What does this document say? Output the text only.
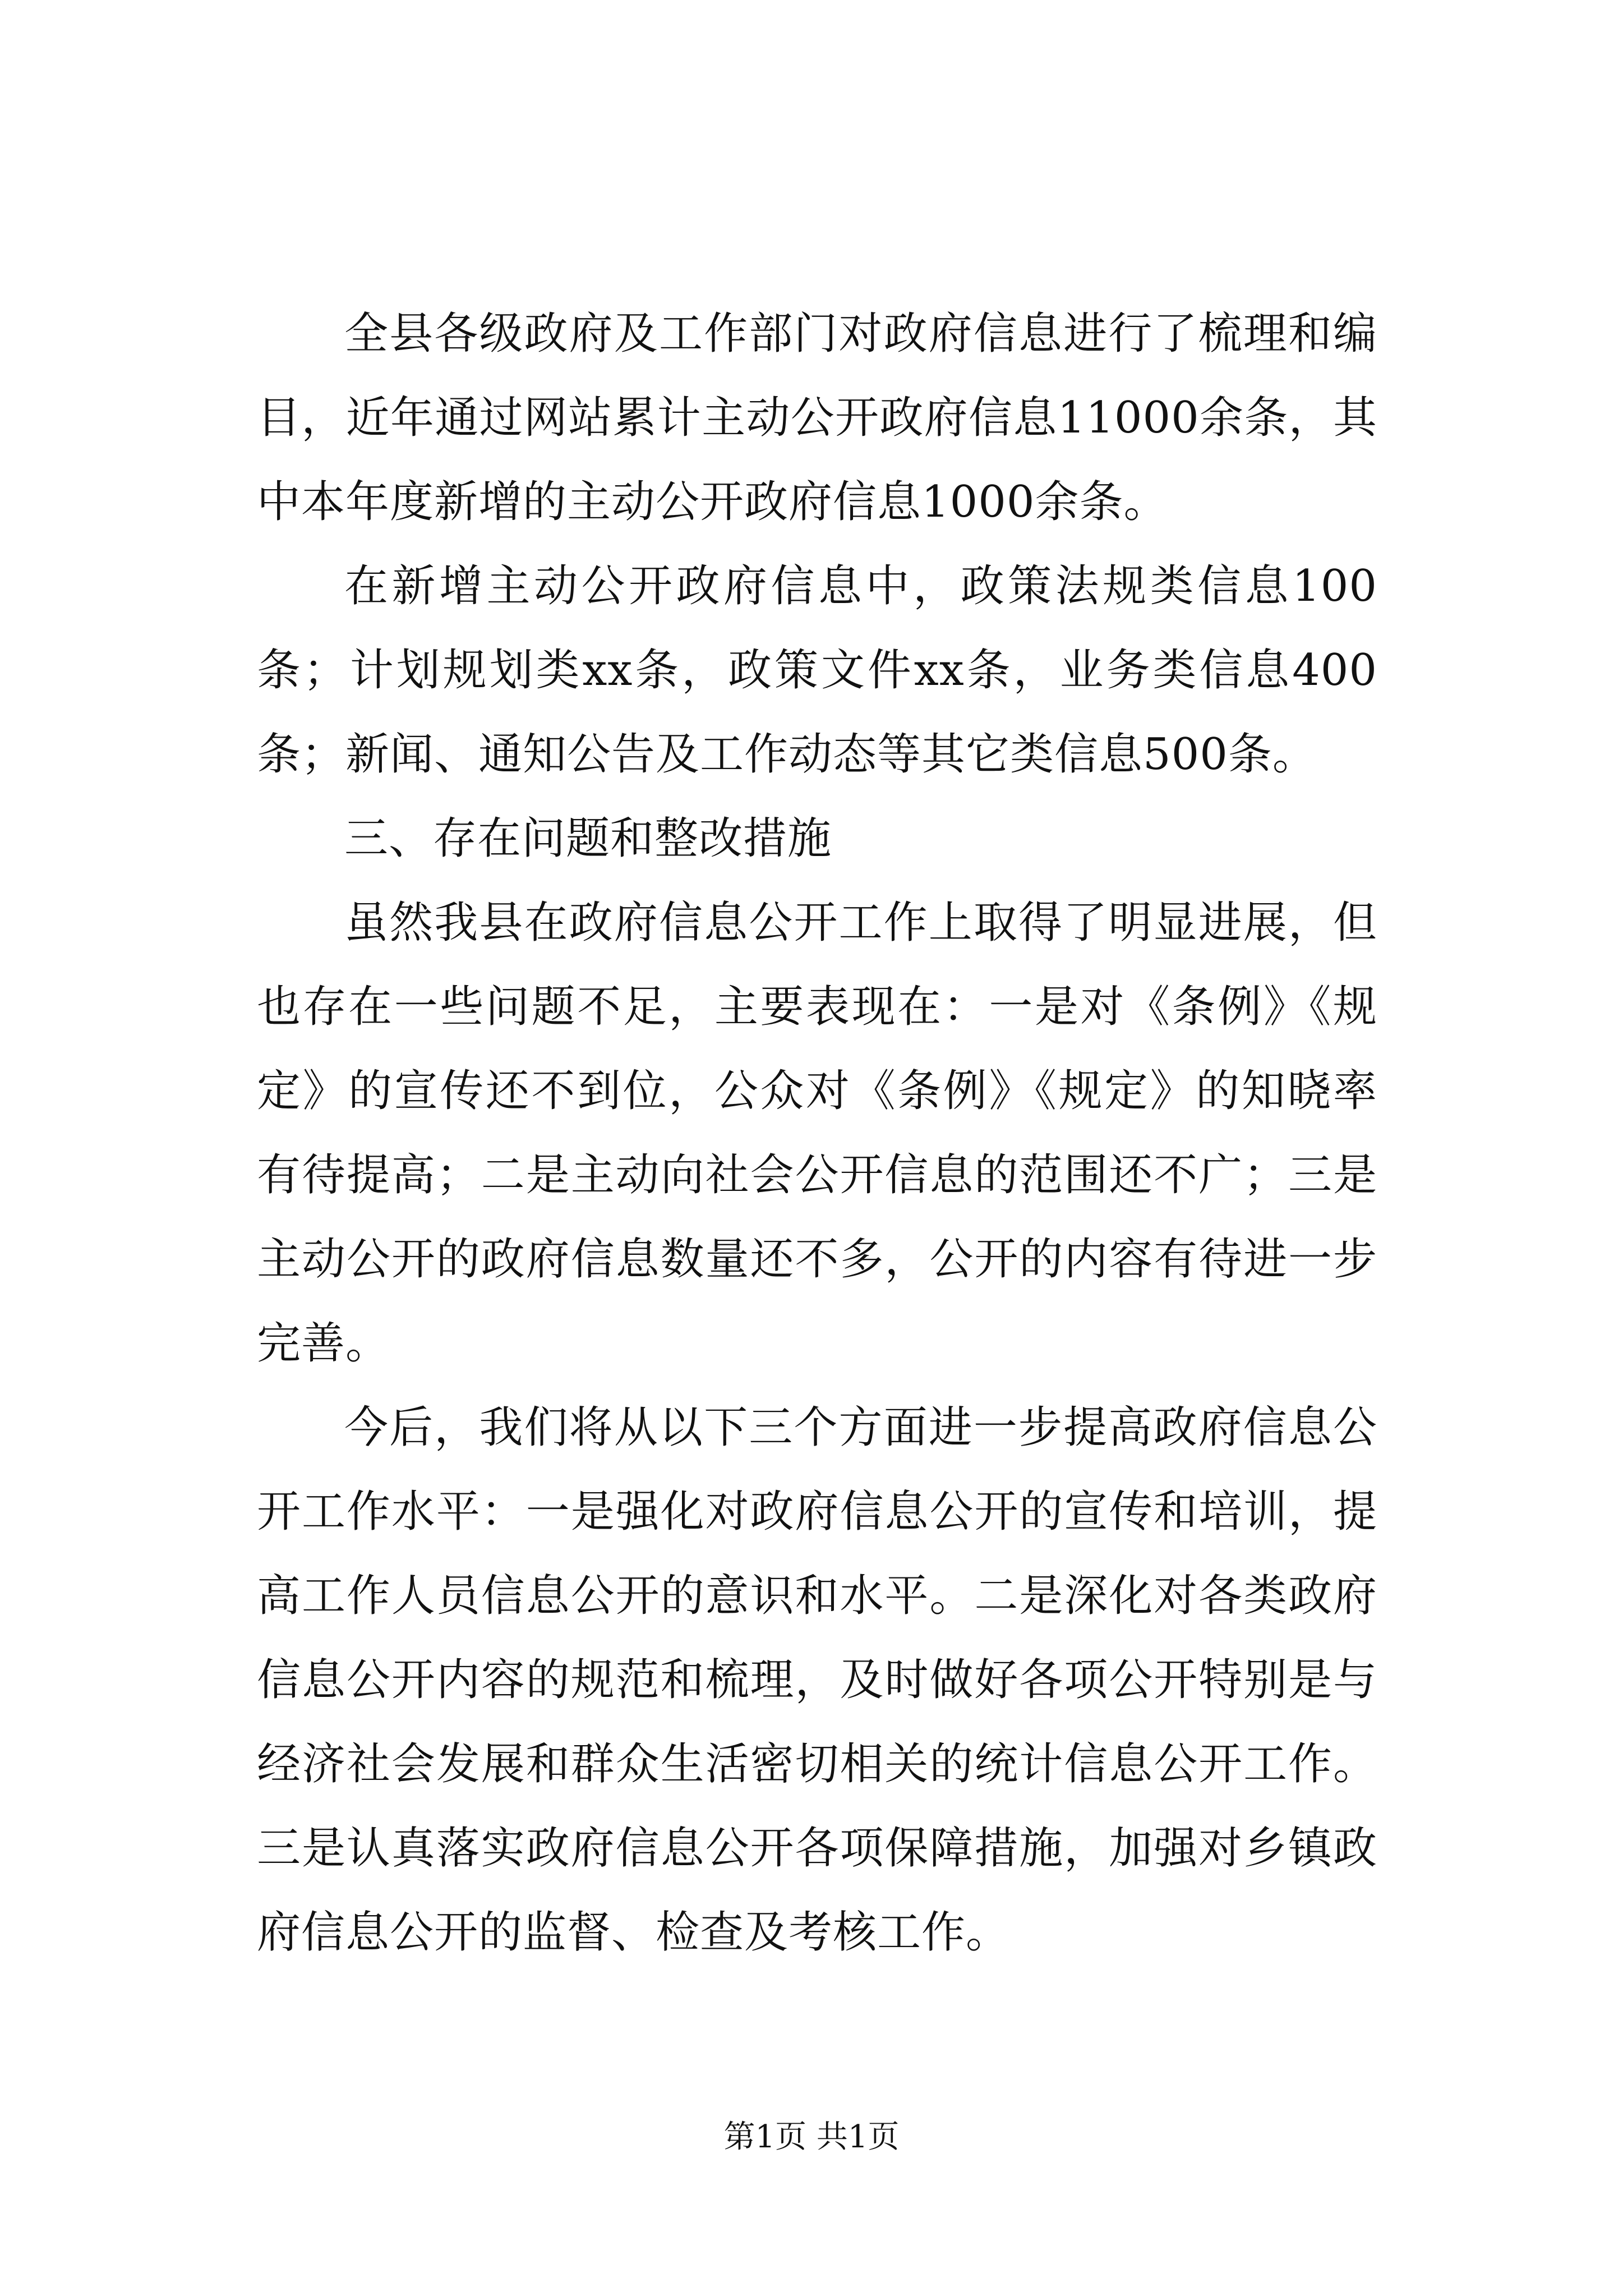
全县各级政府及工作部门对政府信息进行了梳理和编目，近年通过网站累计主动公开政府信息11000余条，其中本年度新增的主动公开政府信息1000余条。

在新增主动公开政府信息中，政策法规类信息100条；计划规划类xx条，政策文件xx条，业务类信息400条；新闻、通知公告及工作动态等其它类信息500条。

三、存在问题和整改措施

虽然我县在政府信息公开工作上取得了明显进展，但也存在一些问题不足，主要表现在：一是对《条例》《规定》的宣传还不到位，公众对《条例》《规定》的知晓率有待提高；二是主动向社会公开信息的范围还不广；三是主动公开的政府信息数量还不多，公开的内容有待进一步完善。

今后，我们将从以下三个方面进一步提高政府信息公开工作水平：一是强化对政府信息公开的宣传和培训，提高工作人员信息公开的意识和水平。二是深化对各类政府信息公开内容的规范和梳理，及时做好各项公开特别是与经济社会发展和群众生活密切相关的统计信息公开工作。三是认真落实政府信息公开各项保障措施，加强对乡镇政府信息公开的监督、检查及考核工作。

第1页 共1页
